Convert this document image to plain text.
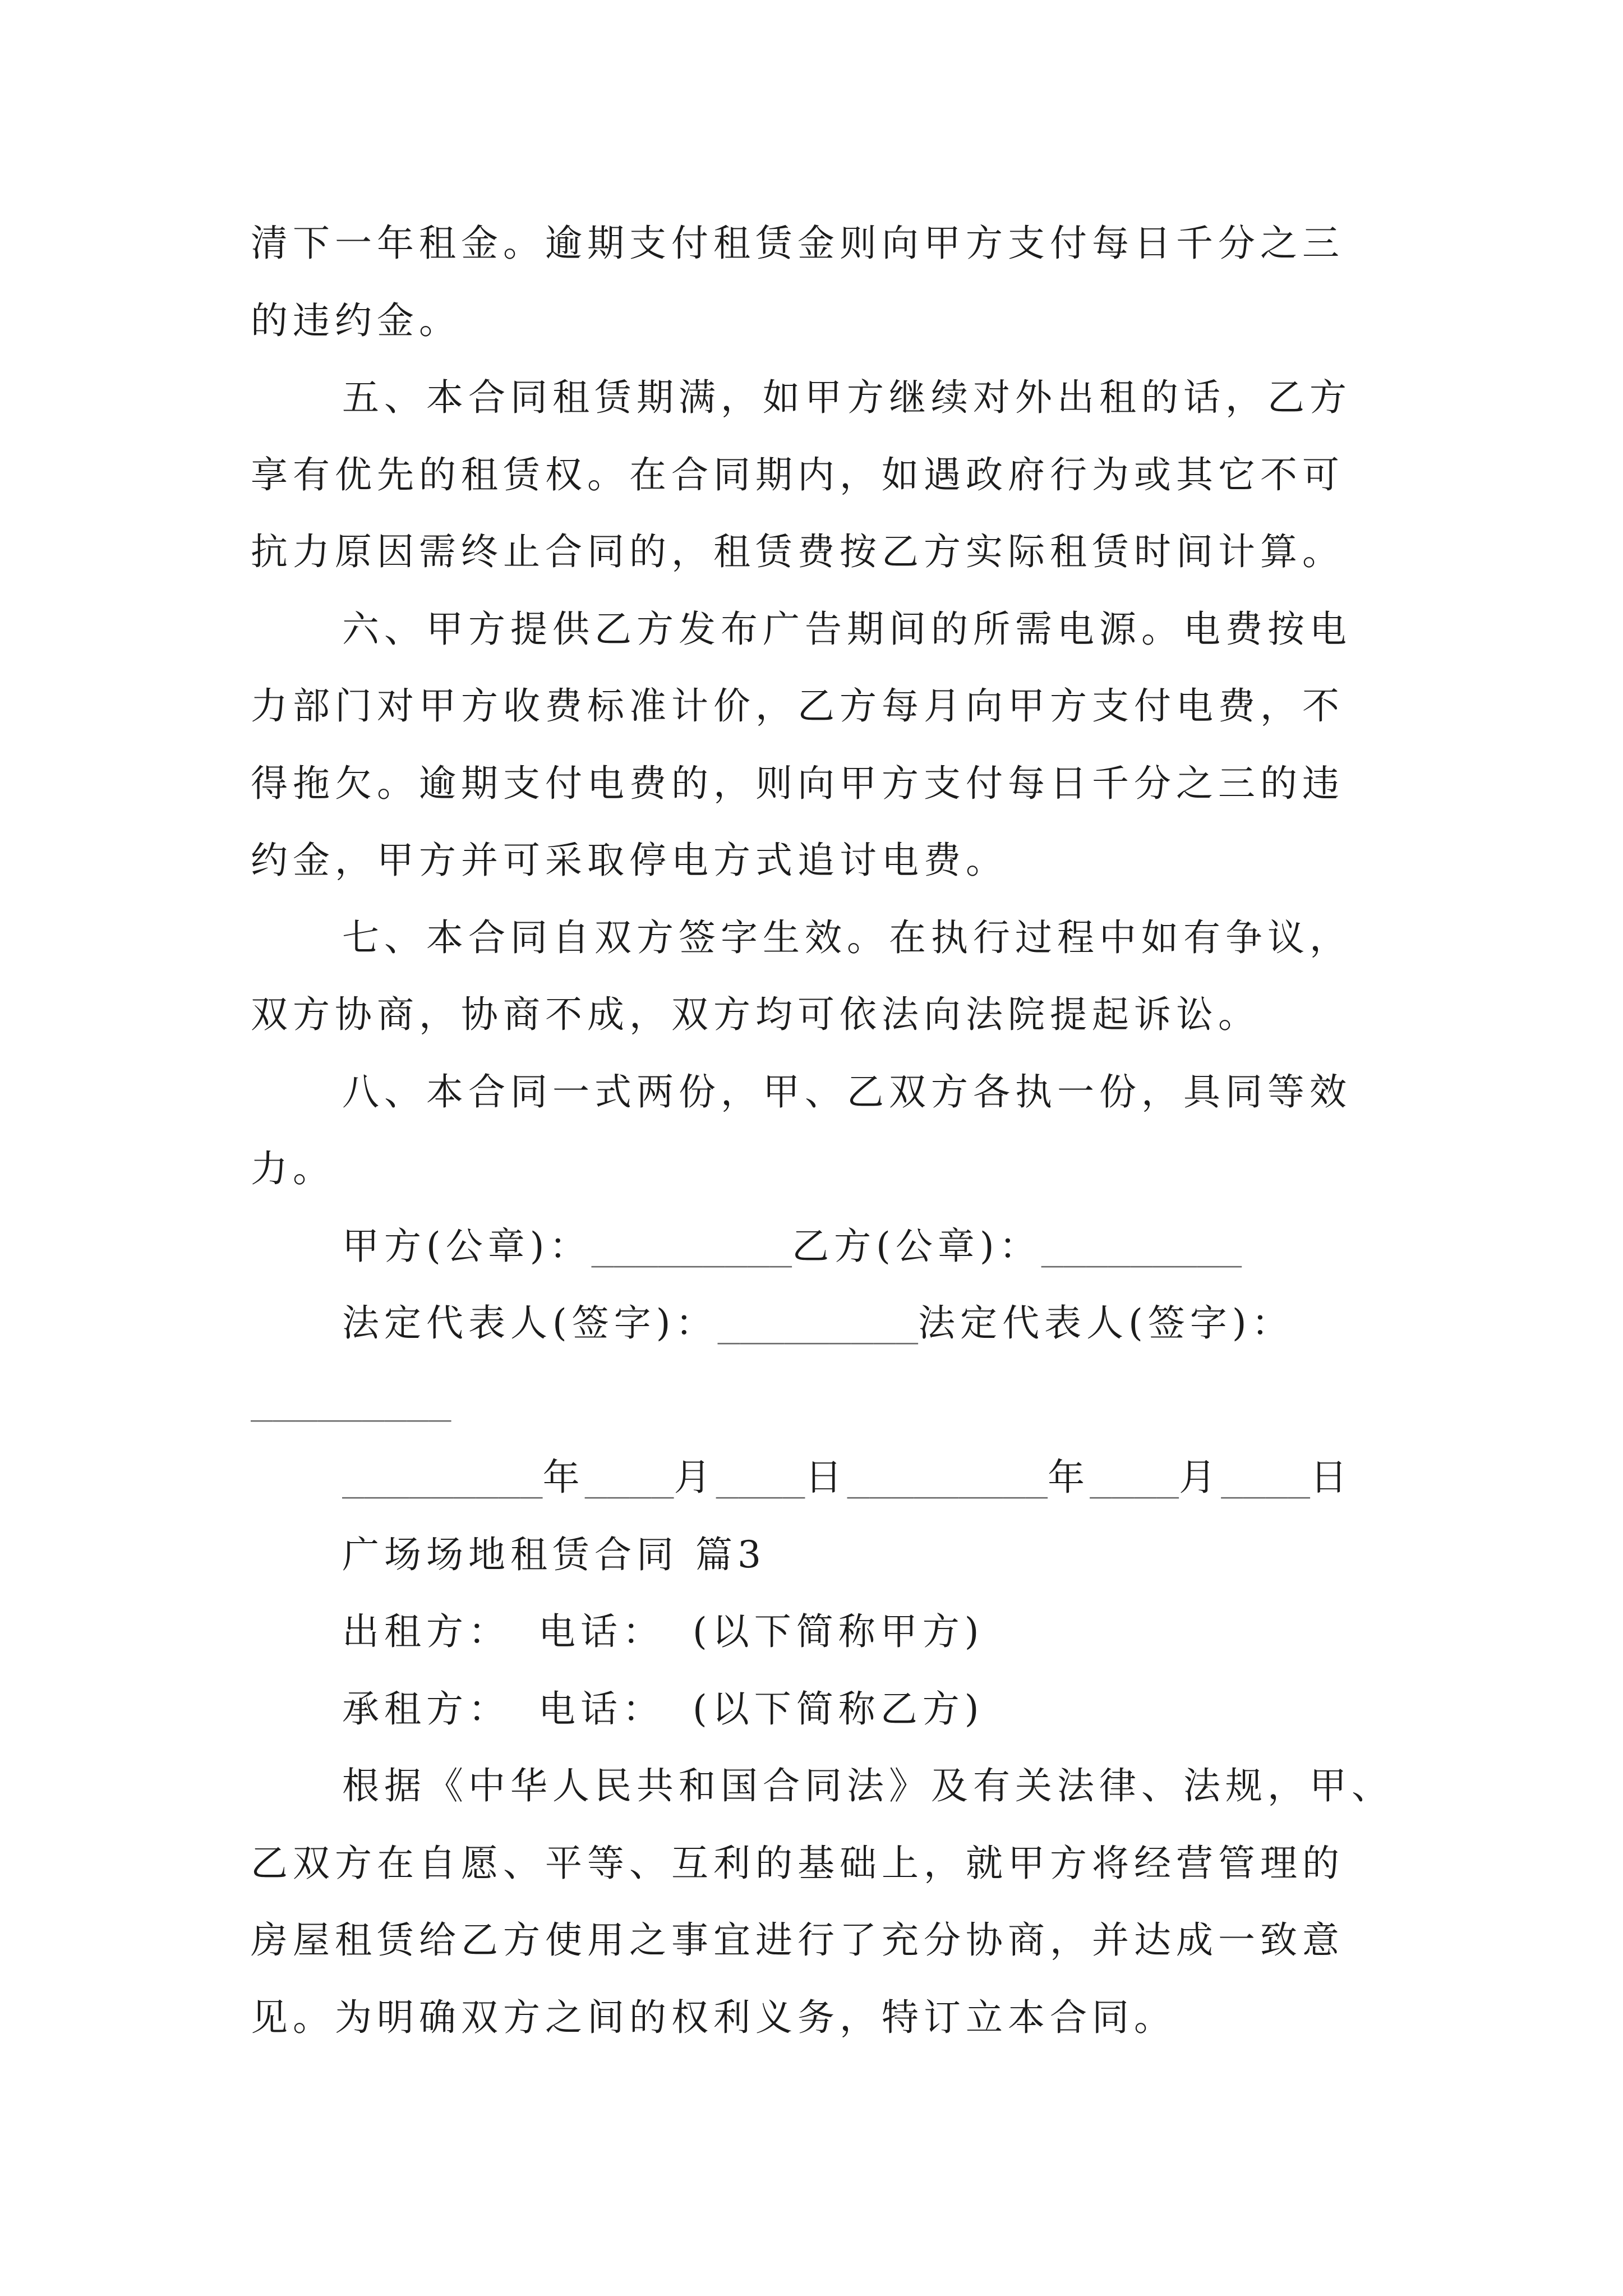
清下一年租金。逾期支付租赁金则向甲方支付每日千分之三
的违约金。
五、本合同租赁期满，如甲方继续对外出租的话，乙方
享有优先的租赁权。在合同期内，如遇政府行为或其它不可
抗力原因需终止合同的，租赁费按乙方实际租赁时间计算。
六、甲方提供乙方发布广告期间的所需电源。电费按电
力部门对甲方收费标准计价，乙方每月向甲方支付电费，不
得拖欠。逾期支付电费的，则向甲方支付每日千分之三的违
约金，甲方并可采取停电方式追讨电费。
七、本合同自双方签字生效。在执行过程中如有争议，
双方协商，协商不成，双方均可依法向法院提起诉讼。
八、本合同一式两份，甲、乙双方各执一份，具同等效
力。
甲方(公章)：_________乙方(公章)：_________
法定代表人(签字)：_________法定代表人(签字)：
_________
_________年____月____日_________年____月____日
广场场地租赁合同 篇3
出租方： 电话： (以下简称甲方)
承租方： 电话： (以下简称乙方)
根据《中华人民共和国合同法》及有关法律、法规，甲、
乙双方在自愿、平等、互利的基础上，就甲方将经营管理的
房屋租赁给乙方使用之事宜进行了充分协商，并达成一致意
见。为明确双方之间的权利义务，特订立本合同。
